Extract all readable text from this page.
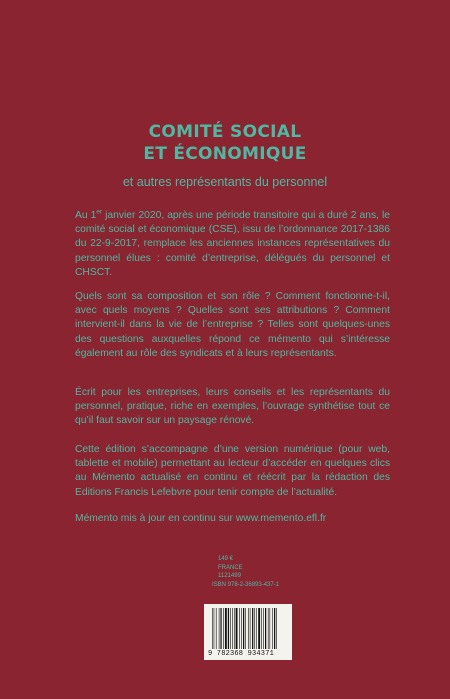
COMITÉ SOCIAL
ET ÉCONOMIQUE
et autres représentants du personnel

Au 1er janvier 2020, après une période transitoire qui a duré 2 ans, le comité social et économique (CSE), issu de l’ordonnance 2017-1386 du 22-9-2017, remplace les anciennes instances représentatives du personnel élues : comité d’entreprise, délégués du personnel et CHSCT.

Quels sont sa composition et son rôle ? Comment fonctionne-t-il, avec quels moyens ? Quelles sont ses attributions ? Comment intervient-il dans la vie de l’entreprise ? Telles sont quelques-unes des questions auxquelles répond ce mémento qui s’intéresse également au rôle des syndicats et à leurs représentants.

Écrit pour les entreprises, leurs conseils et les représentants du personnel, pratique, riche en exemples, l’ouvrage synthétise tout ce qu’il faut savoir sur un paysage rénové.

Cette édition s’accompagne d’une version numérique (pour web, tablette et mobile) permettant au lecteur d’accéder en quelques clics au Mémento actualisé en continu et réécrit par la rédaction des Editions Francis Lefebvre pour tenir compte de l’actualité.

Mémento mis à jour en continu sur www.memento.efl.fr

149 €
FRANCE
1121499
ISBN 978-2-36893-437-1
9 782368 934371
